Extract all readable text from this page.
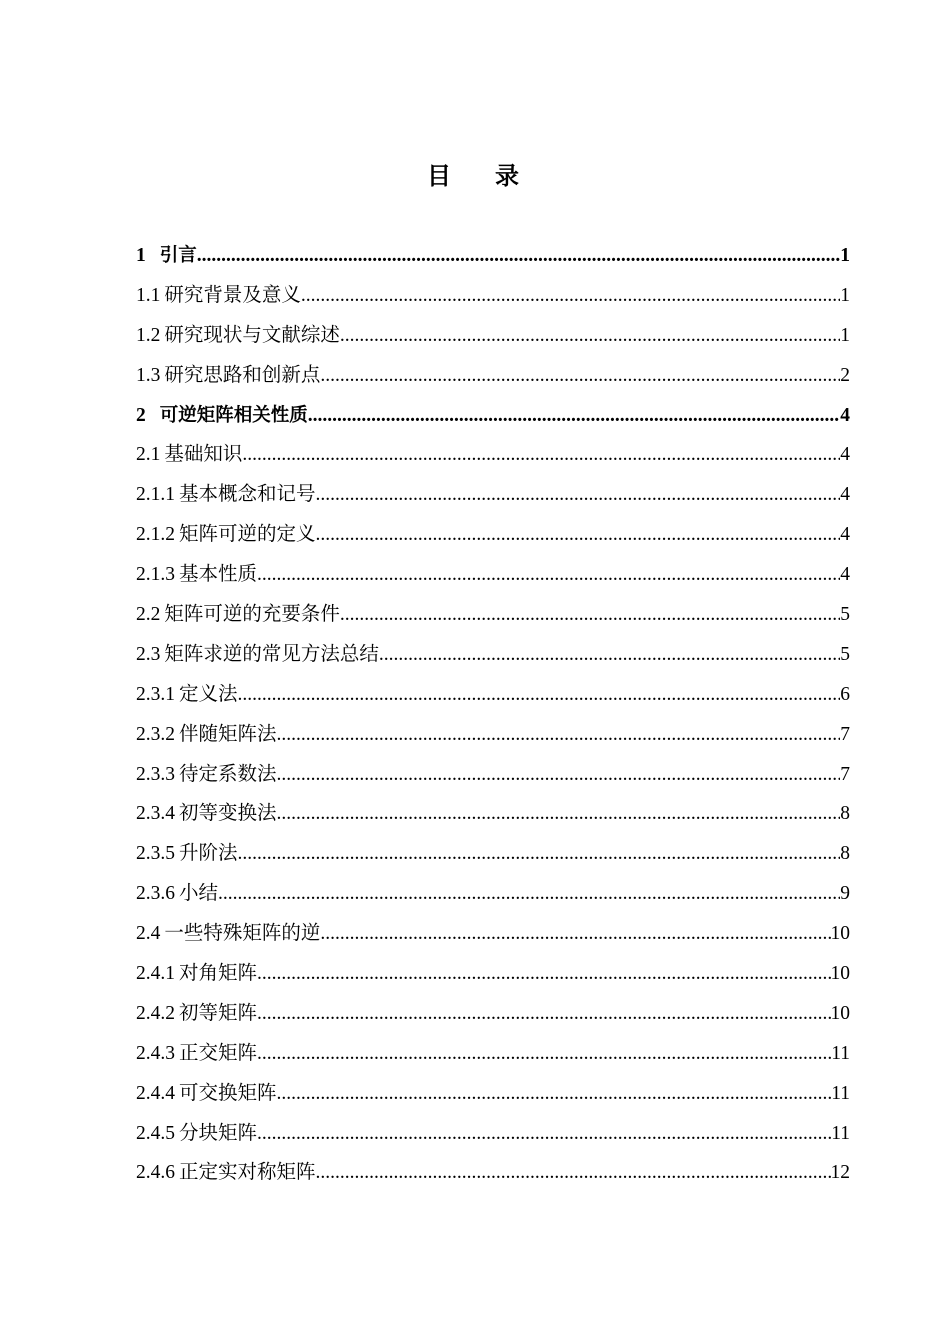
目录
1 引言 .....	1
1.1 研究背景及意义 .....	1
1.2 研究现状与文献综述 .....	1
1.3 研究思路和创新点 .....	2
2 可逆矩阵相关性质 .....	4
2.1 基础知识 .....	4
2.1.1 基本概念和记号 .....	4
2.1.2 矩阵可逆的定义 .....	4
2.1.3 基本性质 .....	4
2.2 矩阵可逆的充要条件 .....	5
2.3 矩阵求逆的常见方法总结 .....	5
2.3.1 定义法 .....	6
2.3.2 伴随矩阵法 .....	7
2.3.3 待定系数法 .....	7
2.3.4 初等变换法 .....	8
2.3.5 升阶法 .....	8
2.3.6 小结 .....	9
2.4 一些特殊矩阵的逆 .....	10
2.4.1 对角矩阵 .....	10
2.4.2 初等矩阵 .....	10
2.4.3 正交矩阵 .....	11
2.4.4 可交换矩阵 .....	11
2.4.5 分块矩阵 .....	11
2.4.6 正定实对称矩阵 .....	12
